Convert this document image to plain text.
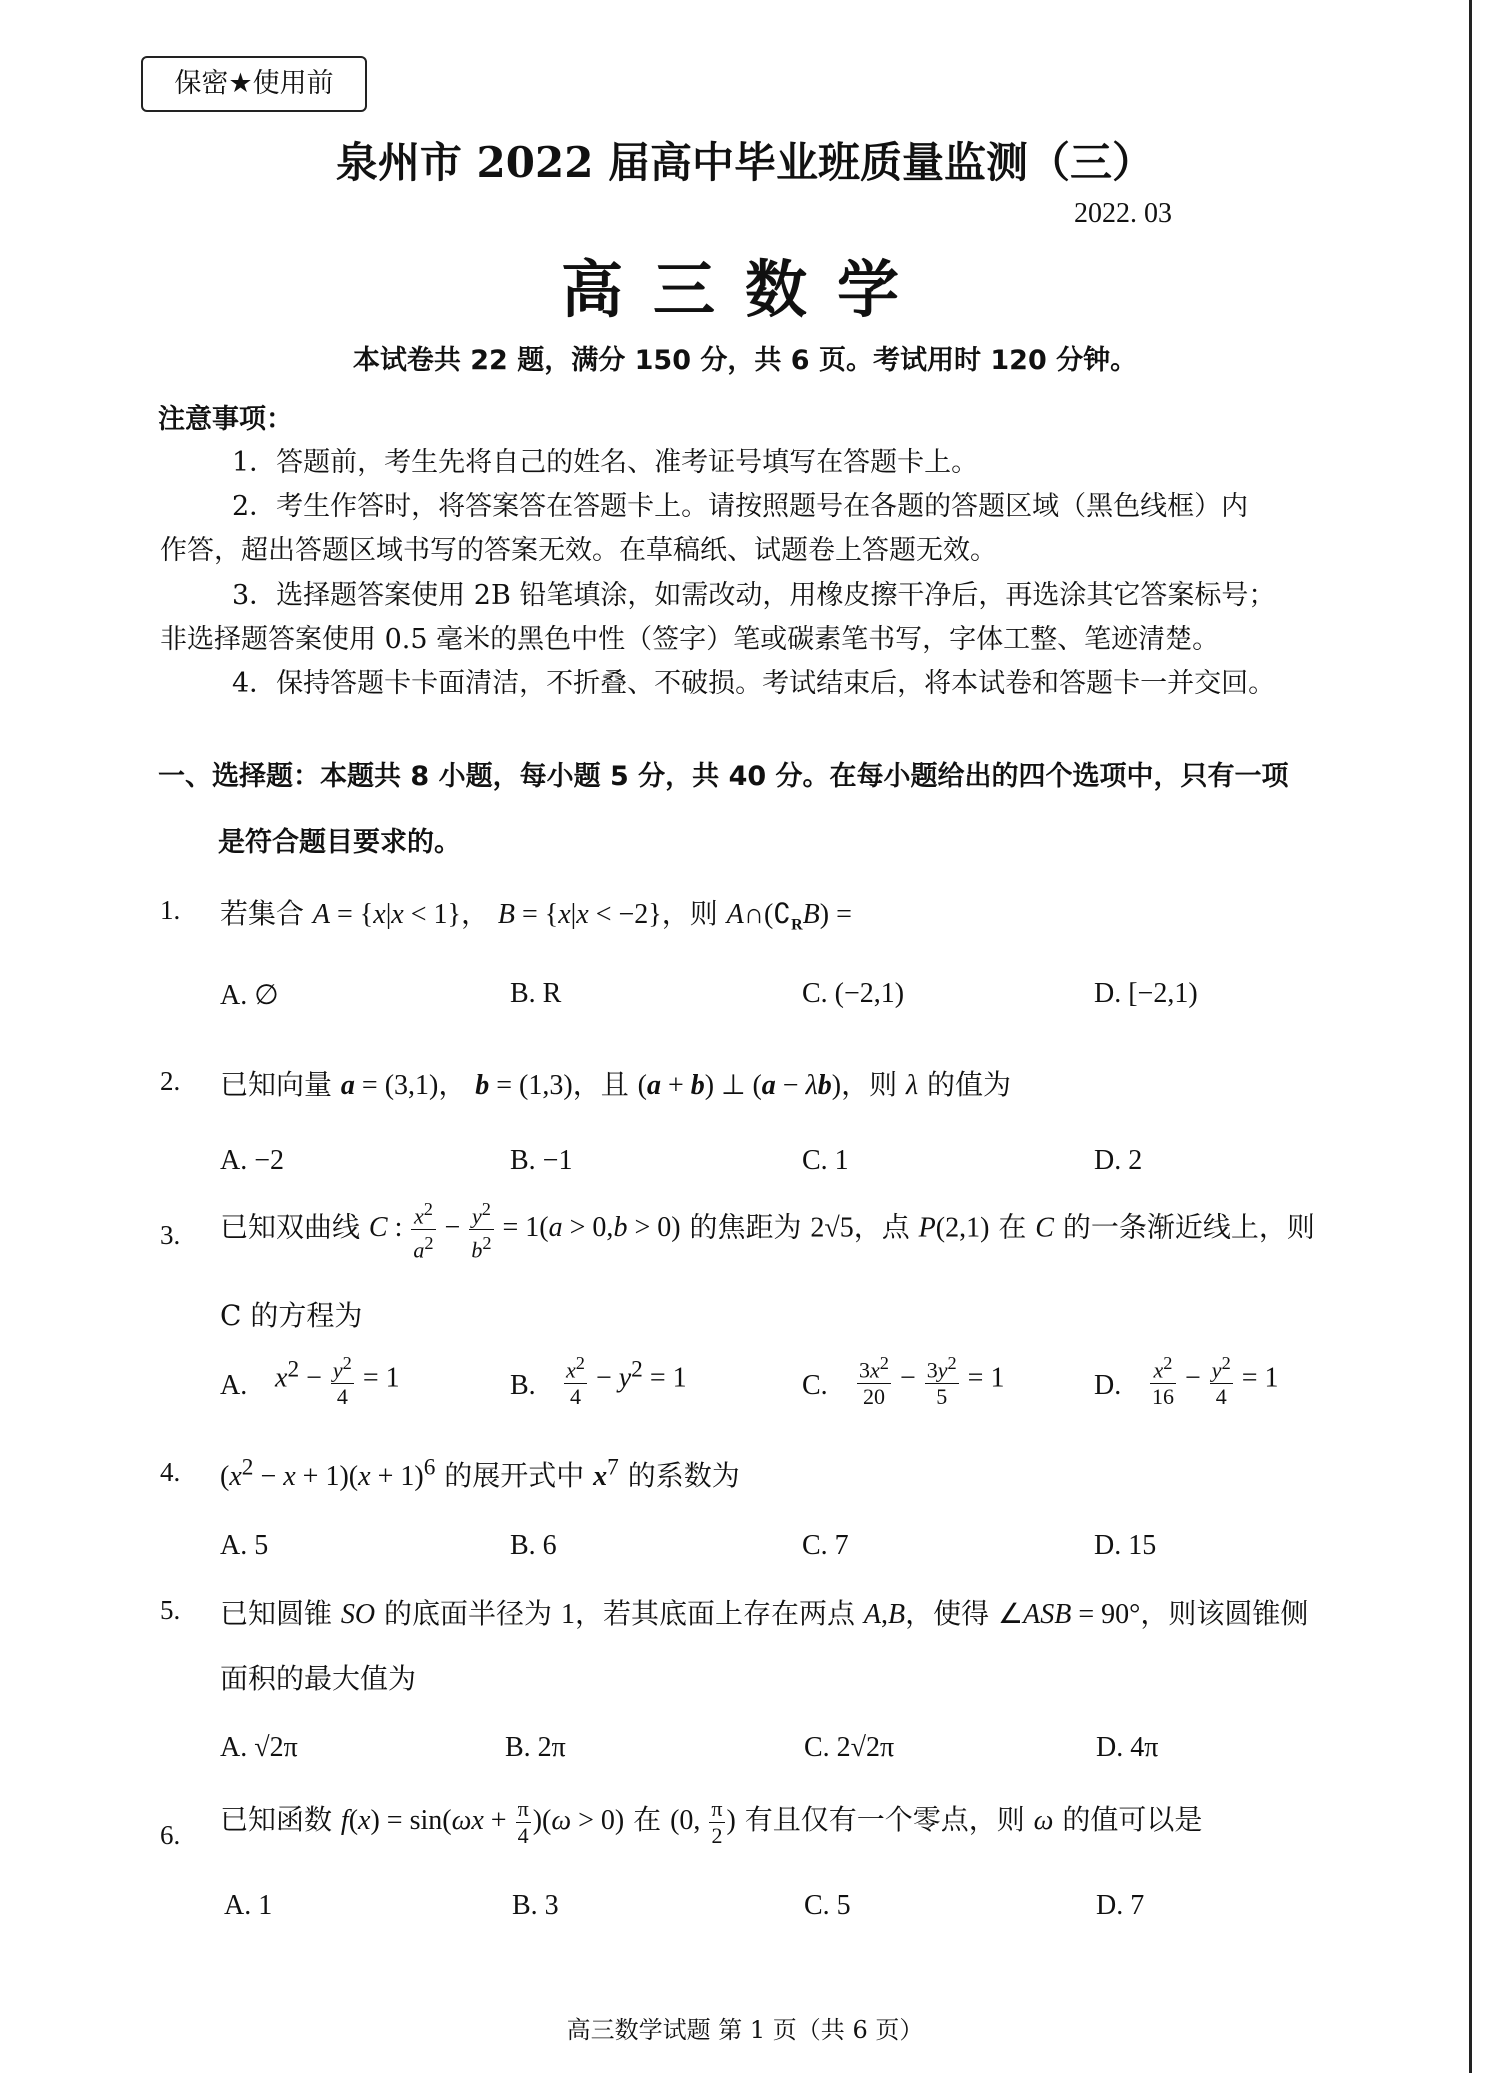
保密★使用前
泉州市 2022 届高中毕业班质量监测（三）
2022. 03
高三数学
本试卷共 22 题，满分 150 分，共 6 页。考试用时 120 分钟。
注意事项：
1．答题前，考生先将自己的姓名、准考证号填写在答题卡上。
2．考生作答时，将答案答在答题卡上。请按照题号在各题的答题区域（黑色线框）内
作答，超出答题区域书写的答案无效。在草稿纸、试题卷上答题无效。
3．选择题答案使用 2B 铅笔填涂，如需改动，用橡皮擦干净后，再选涂其它答案标号；
非选择题答案使用 0.5 毫米的黑色中性（签字）笔或碳素笔书写，字体工整、笔迹清楚。
4．保持答题卡卡面清洁，不折叠、不破损。考试结束后，将本试卷和答题卡一并交回。
一、选择题：本题共 8 小题，每小题 5 分，共 40 分。在每小题给出的四个选项中，只有一项
是符合题目要求的。
1. 若集合 A = {x|x < 1}， B = {x|x < −2}，则 $A\cap(∁_RB)$ =
A. ∅	B. R	C. (−2,1)	D. [−2,1)
2. 已知向量 a = (3,1)， b = (1,3)，且 (a + b) ⊥ (a − λb)，则 λ 的值为
A. −2	B. −1	C. 1	D. 2
3. 已知双曲线 C : $\frac{x^2}{a^2} - \frac{y^2}{b^2} = 1(a > 0,b > 0)$ 的焦距为 2√5，点 P(2,1) 在 C 的一条渐近线上，则
C 的方程为
A. $x^2 - \frac{y^2}{4} = 1$	B. $\frac{x^2}{4} - y^2 = 1$	C. $\frac{3x^2}{20} - \frac{3y^2}{5} = 1$	D. $\frac{x^2}{16} - \frac{y^2}{4} = 1$
4. $(x^2 - x + 1)(x + 1)^6$ 的展开式中 $x^7$ 的系数为
A. 5	B. 6	C. 7	D. 15
5. 已知圆锥 SO 的底面半径为 1，若其底面上存在两点 A,B，使得 ∠ASB = 90°，则该圆锥侧
面积的最大值为
A. √2π	B. 2π	C. 2√2π	D. 4π
6. 已知函数 $f(x) = \sin(\omega x + \frac{\pi}{4} )(\omega > 0)$ 在 (0, $\frac{\pi}{2}$ ) 有且仅有一个零点，则 ω 的值可以是
A. 1	B. 3	C. 5	D. 7
高三数学试题 第 1 页（共 6 页）
